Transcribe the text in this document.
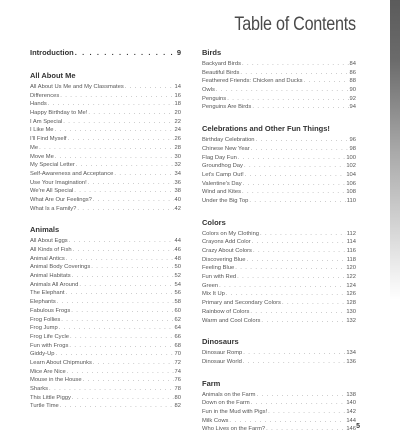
Table of Contents
Introduction . . .	9
All About Me
All About Us Me and My Classmates . . .	14
Differences . . .	16
Hands . . .	18
Happy Birthday to Me! . . .	20
I Am Special . . .	22
I Like Me . . .	24
I'll Find Myself . . .	26
Me . . .	28
Move Me . . .	30
My Special Letter . . .	32
Self-Awareness and Acceptance . . .	34
Use Your Imagination! . . .	36
We're All Special . . .	38
What Are Our Feelings? . . .	40
What Is a Family? . . .	42
Animals
All About Eggs . . .	44
All Kinds of Fish . . .	46
Animal Antics . . .	48
Animal Body Coverings . . .	50
Animal Habitats . . .	52
Animals All Around . . .	54
The Elephant . . .	56
Elephants . . .	58
Fabulous Frogs . . .	60
Frog Follies . . .	62
Frog Jump . . .	64
Frog Life Cycle . . .	66
Fun with Frogs . . .	68
Giddy-Up . . .	70
Learn About Chipmunks . . .	72
Mice Are Nice . . .	74
Mouse in the House . . .	76
Sharks . . .	78
This Little Piggy . . .	80
Turtle Time . . .	82
Birds
Backyard Birds . . .	84
Beautiful Birds . . .	86
Feathered Friends: Chicken and Ducks . . .	88
Owls . . .	90
Penguins . . .	92
Penguins Are Birds . . .	94
Celebrations and Other Fun Things!
Birthday Celebration . . .	96
Chinese New Year . . .	98
Flag Day Fun . . .	100
Groundhog Day . . .	102
Let's Camp Out! . . .	104
Valentine's Day . . .	106
Wind and Kites . . .	108
Under the Big Top . . .	110
Colors
Colors on My Clothing . . .	112
Crayons Add Color . . .	114
Crazy About Colors . . .	116
Discovering Blue . . .	118
Feeling Blue . . .	120
Fun with Red . . .	122
Green . . .	124
Mix It Up . . .	126
Primary and Secondary Colors . . .	128
Rainbow of Colors . . .	130
Warm and Cool Colors . . .	132
Dinosaurs
Dinosaur Romp . . .	134
Dinosaur World . . .	136
Farm
Animals on the Farm . . .	138
Down on the Farm . . .	140
Fun in the Mud with Pigs! . . .	142
Milk Cows . . .	144
Who Lives on the Farm? . . .	146 5
